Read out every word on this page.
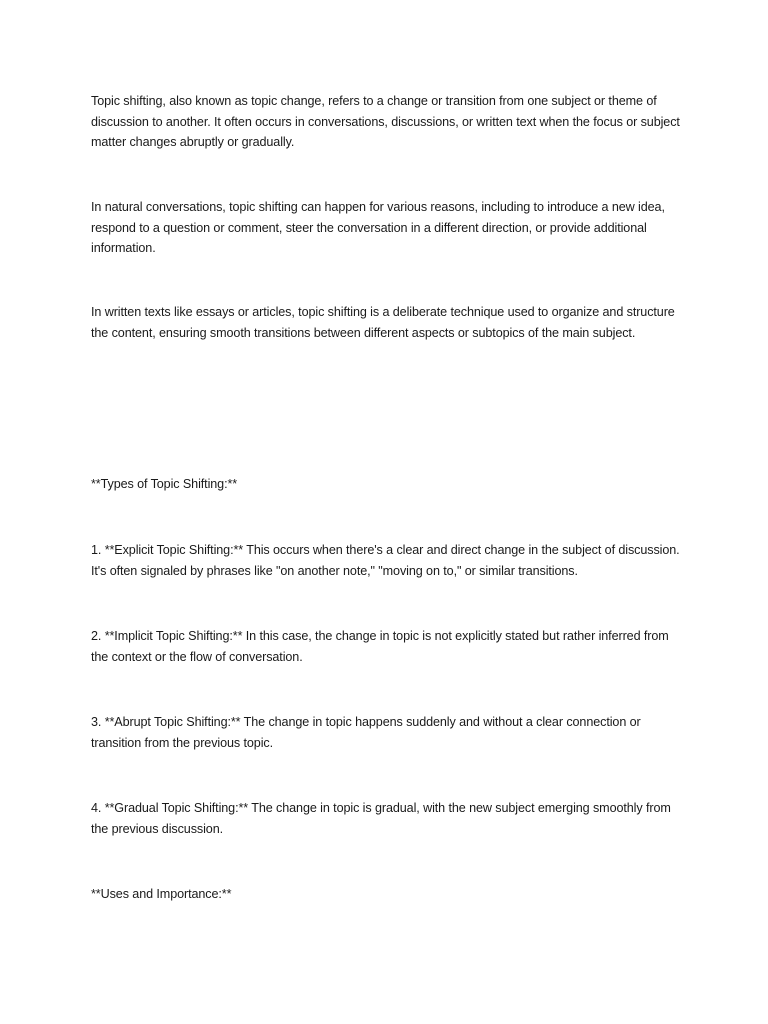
Topic shifting, also known as topic change, refers to a change or transition from one subject or theme of discussion to another. It often occurs in conversations, discussions, or written text when the focus or subject matter changes abruptly or gradually.

In natural conversations, topic shifting can happen for various reasons, including to introduce a new idea, respond to a question or comment, steer the conversation in a different direction, or provide additional information.

In written texts like essays or articles, topic shifting is a deliberate technique used to organize and structure the content, ensuring smooth transitions between different aspects or subtopics of the main subject.

**Types of Topic Shifting:**

1. **Explicit Topic Shifting:** This occurs when there's a clear and direct change in the subject of discussion. It's often signaled by phrases like "on another note," "moving on to," or similar transitions.

2. **Implicit Topic Shifting:** In this case, the change in topic is not explicitly stated but rather inferred from the context or the flow of conversation.

3. **Abrupt Topic Shifting:** The change in topic happens suddenly and without a clear connection or transition from the previous topic.

4. **Gradual Topic Shifting:** The change in topic is gradual, with the new subject emerging smoothly from the previous discussion.

**Uses and Importance:**
